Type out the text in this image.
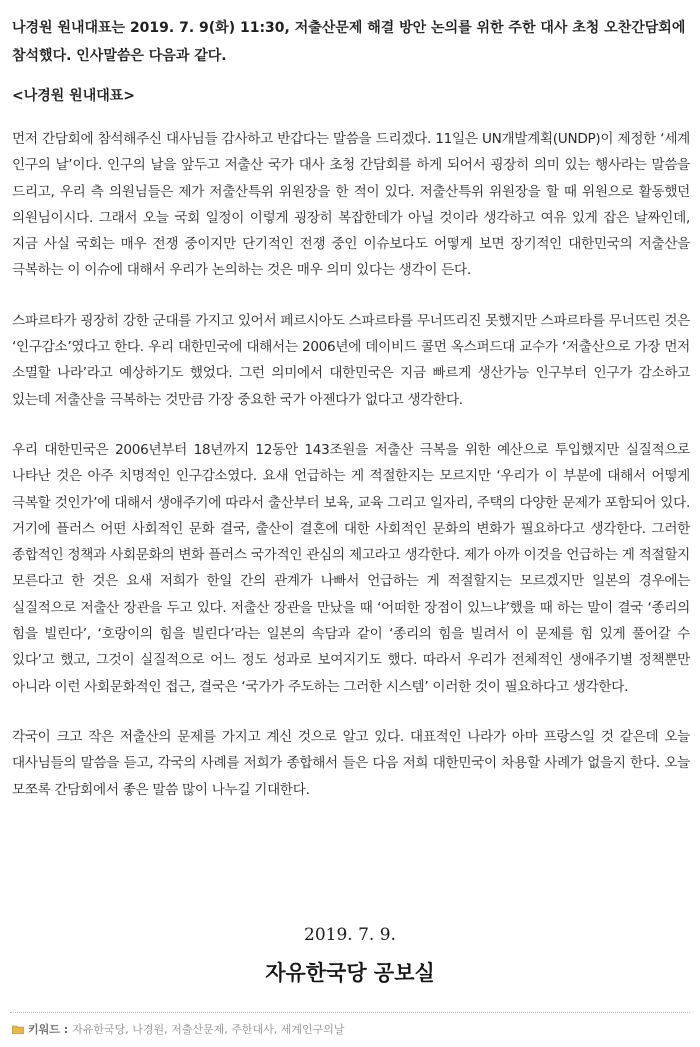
나경원 원내대표는 2019. 7. 9(화) 11:30, 저출산문제 해결 방안 논의를 위한 주한 대사 초청 오찬간담회에 참석했다. 인사말씀은 다음과 같다.

<나경원 원내대표>

먼저 간담회에 참석해주신 대사님들 감사하고 반갑다는 말씀을 드리겠다. 11일은 UN개발계획(UNDP)이 제정한 ‘세계 인구의 날’이다. 인구의 날을 앞두고 저출산 국가 대사 초청 간담회를 하게 되어서 굉장히 의미 있는 행사라는 말씀을 드리고, 우리 측 의원님들은 제가 저출산특위 위원장을 한 적이 있다. 저출산특위 위원장을 할 때 위원으로 활동했던 의원님이시다. 그래서 오늘 국회 일정이 이렇게 굉장히 복잡한데가 아닐 것이라 생각하고 여유 있게 잡은 날짜인데, 지금 사실 국회는 매우 전쟁 중이지만 단기적인 전쟁 중인 이슈보다도 어떻게 보면 장기적인 대한민국의 저출산을 극복하는 이 이슈에 대해서 우리가 논의하는 것은 매우 의미 있다는 생각이 든다.

스파르타가 굉장히 강한 군대를 가지고 있어서 페르시아도 스파르타를 무너뜨리진 못했지만 스파르타를 무너뜨린 것은 ‘인구감소’였다고 한다. 우리 대한민국에 대해서는 2006년에 데이비드 콜먼 옥스퍼드대 교수가 ‘저출산으로 가장 먼저 소멸할 나라’라고 예상하기도 했었다. 그런 의미에서 대한민국은 지금 빠르게 생산가능 인구부터 인구가 감소하고 있는데 저출산을 극복하는 것만큼 가장 중요한 국가 아젠다가 없다고 생각한다.

우리 대한민국은 2006년부터 18년까지 12동안 143조원을 저출산 극복을 위한 예산으로 투입했지만 실질적으로 나타난 것은 아주 치명적인 인구감소였다. 요새 언급하는 게 적절한지는 모르지만 ‘우리가 이 부분에 대해서 어떻게 극복할 것인가’에 대해서 생애주기에 따라서 출산부터 보육, 교육 그리고 일자리, 주택의 다양한 문제가 포함되어 있다. 거기에 플러스 어떤 사회적인 문화 결국, 출산이 결혼에 대한 사회적인 문화의 변화가 필요하다고 생각한다. 그러한 종합적인 정책과 사회문화의 변화 플러스 국가적인 관심의 제고라고 생각한다. 제가 아까 이것을 언급하는 게 적절할지 모른다고 한 것은 요새 저희가 한일 간의 관계가 나빠서 언급하는 게 적절할지는 모르겠지만 일본의 경우에는 실질적으로 저출산 장관을 두고 있다. 저출산 장관을 만났을 때 ‘어떠한 장점이 있느냐’했을 때 하는 말이 결국 ‘종리의 힘을 빌린다’, ‘호랑이의 힘을 빌린다’라는 일본의 속담과 같이 ‘종리의 힘을 빌려서 이 문제를 힘 있게 풀어갈 수 있다’고 했고, 그것이 실질적으로 어느 정도 성과로 보여지기도 했다. 따라서 우리가 전체적인 생애주기별 정책뿐만 아니라 이런 사회문화적인 접근, 결국은 ‘국가가 주도하는 그러한 시스템’ 이러한 것이 필요하다고 생각한다.

각국이 크고 작은 저출산의 문제를 가지고 계신 것으로 알고 있다. 대표적인 나라가 아마 프랑스일 것 같은데 오늘 대사님들의 말씀을 듣고, 각국의 사례를 저희가 종합해서 들은 다음 저희 대한민국이 차용할 사례가 없을지 한다. 오늘 모쪼록 간담회에서 좋은 말씀 많이 나누길 기대한다.

2019. 7. 9.
자유한국당 공보실
키워드 : 자유한국당, 나경원, 저출산문제, 주한대사, 세계인구의날
